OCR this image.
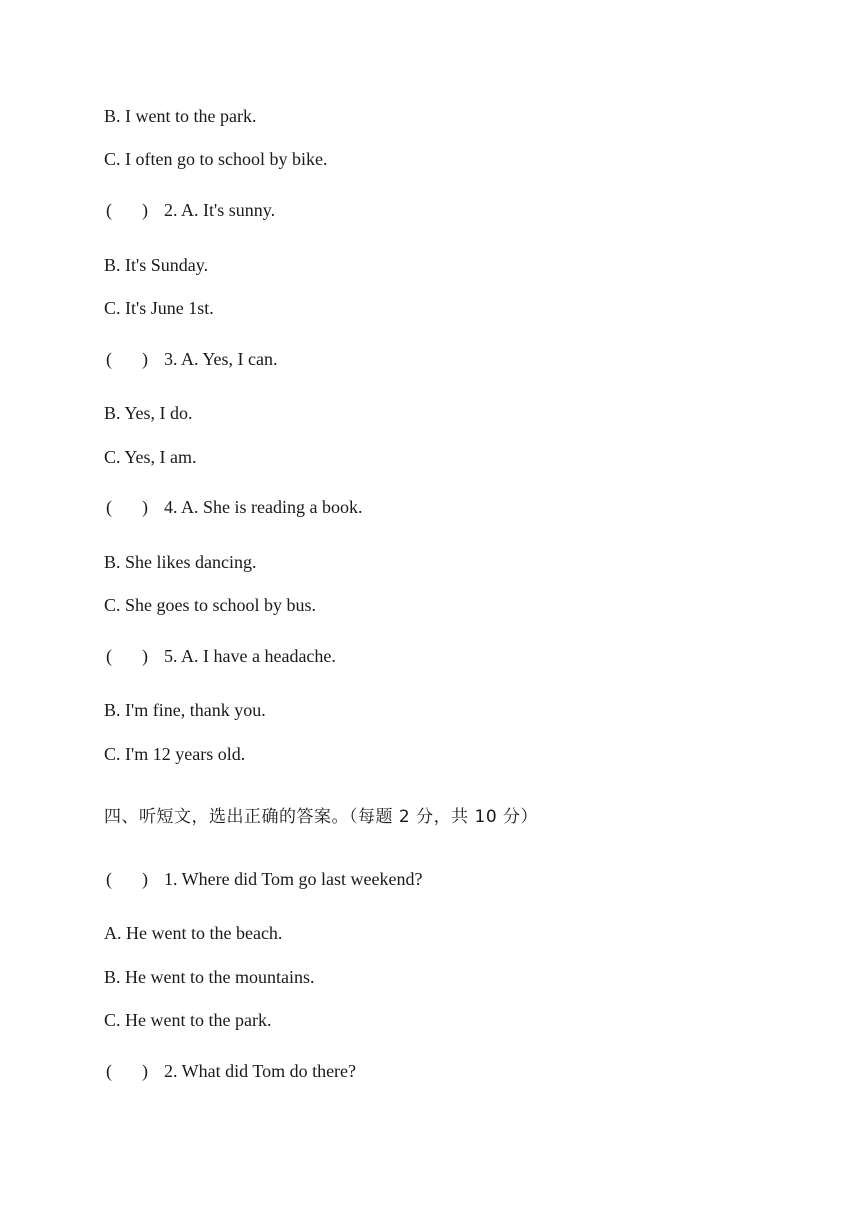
B. I went to the park.
C. I often go to school by bike.
( ) 2. A. It's sunny.
B. It's Sunday.
C. It's June 1st.
( ) 3. A. Yes, I can.
B. Yes, I do.
C. Yes, I am.
( ) 4. A. She is reading a book.
B. She likes dancing.
C. She goes to school by bus.
( ) 5. A. I have a headache.
B. I'm fine, thank you.
C. I'm 12 years old.
四、听短文，选出正确的答案。（每题 2 分，共 10 分）
( ) 1. Where did Tom go last weekend?
A. He went to the beach.
B. He went to the mountains.
C. He went to the park.
( ) 2. What did Tom do there?
